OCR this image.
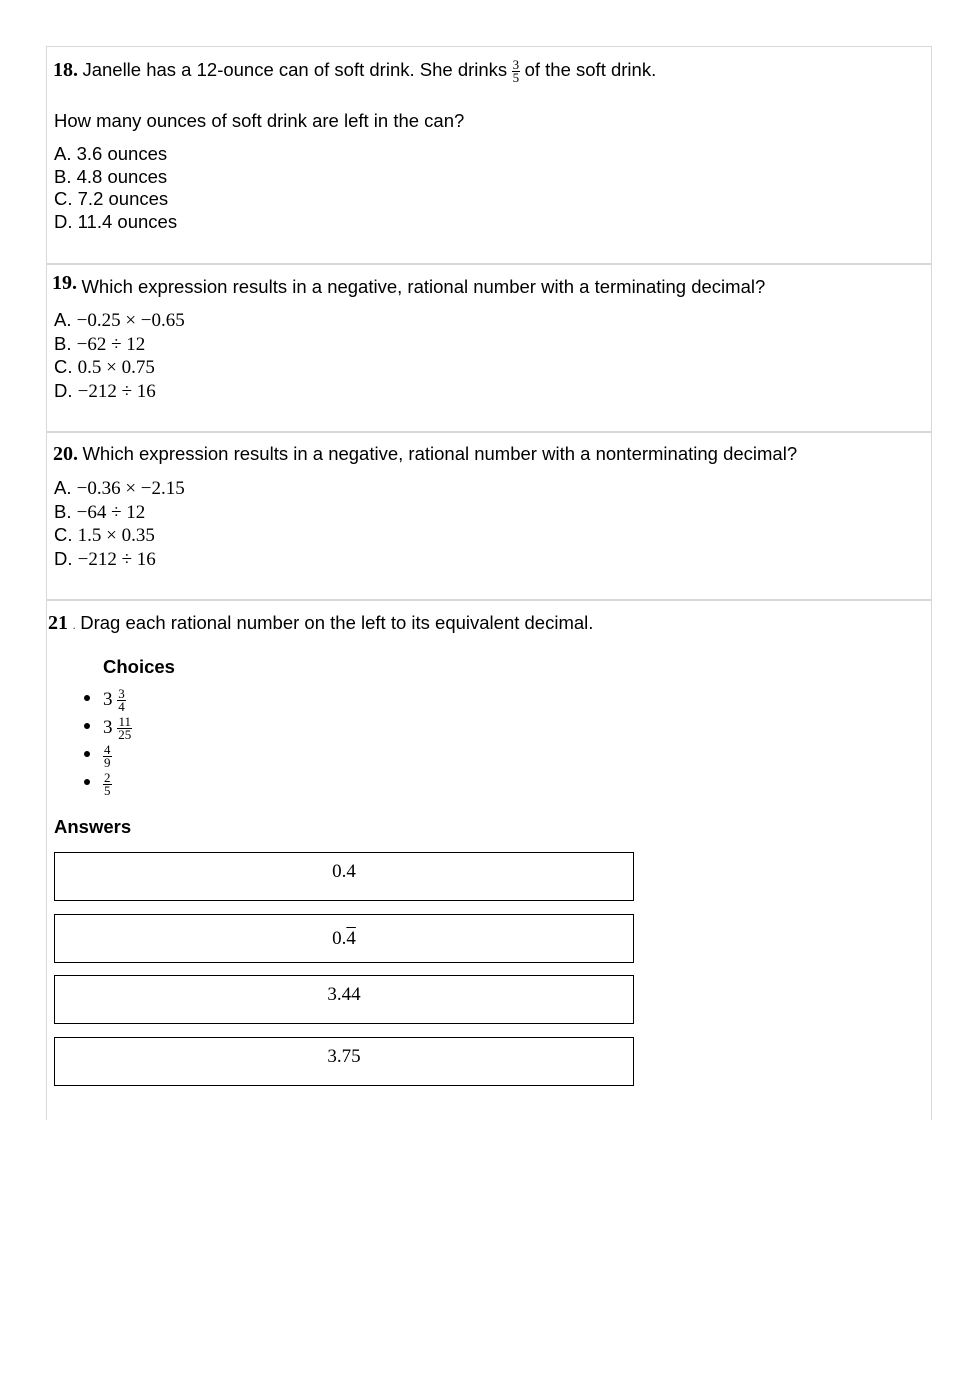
18. Janelle has a 12-ounce can of soft drink. She drinks $\frac{3}{5}$ of the soft drink.
How many ounces of soft drink are left in the can?
A. 3.6 ounces
B. 4.8 ounces
C. 7.2 ounces
D. 11.4 ounces
19. Which expression results in a negative, rational number with a terminating decimal?
A. −0.25 × −0.65
B. −62 ÷ 12
C. 0.5 × 0.75
D. −212 ÷ 16
20. Which expression results in a negative, rational number with a nonterminating decimal?
A. −0.36 × −2.15
B. −64 ÷ 12
C. 1.5 × 0.35
D. −212 ÷ 16
21 . Drag each rational number on the left to its equivalent decimal.
Choices
$3 \frac{3}{4}$
$3 \frac{11}{25}$
$\frac{4}{9}$
$\frac{2}{5}$
Answers
0.4
0.4
3.44
3.75
